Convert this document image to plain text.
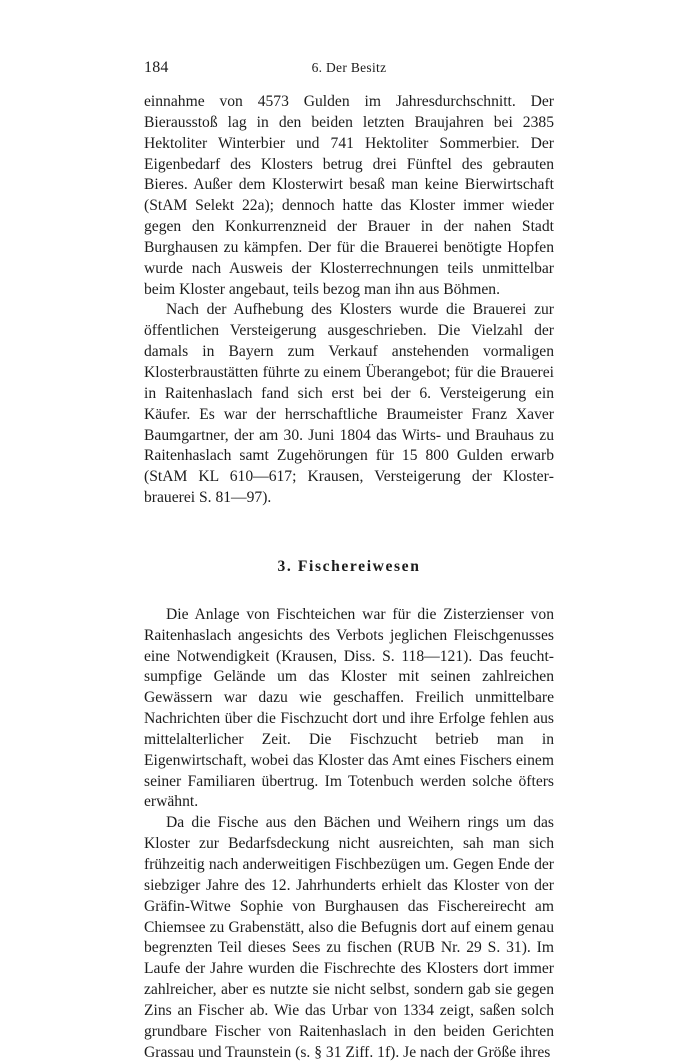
184	6. Der Besitz

einnahme von 4573 Gulden im Jahresdurchschnitt. Der Bierausstoß lag in den beiden letzten Braujahren bei 2385 Hektoliter Winterbier und 741 Hektoliter Sommerbier. Der Eigenbedarf des Klosters betrug drei Fünftel des gebrauten Bieres. Außer dem Klosterwirt besaß man keine Bierwirtschaft (StAM Selekt 22a); dennoch hatte das Kloster immer wieder gegen den Konkurrenzneid der Brauer in der nahen Stadt Burghausen zu kämpfen. Der für die Brauerei benötigte Hopfen wurde nach Ausweis der Klosterrechnungen teils unmittelbar beim Kloster angebaut, teils bezog man ihn aus Böhmen.

Nach der Aufhebung des Klosters wurde die Brauerei zur öffentlichen Versteigerung ausgeschrieben. Die Vielzahl der damals in Bayern zum Verkauf anstehenden vormaligen Klosterbraustätten führte zu einem Überangebot; für die Brauerei in Raitenhaslach fand sich erst bei der 6. Versteigerung ein Käufer. Es war der herrschaftliche Braumeister Franz Xaver Baumgartner, der am 30. Juni 1804 das Wirts- und Brauhaus zu Raitenhaslach samt Zugehörungen für 15 800 Gulden erwarb (StAM KL 610—617; Krausen, Versteigerung der Klosterbrauerei S. 81—97).

3. Fischereiwesen

Die Anlage von Fischteichen war für die Zisterzienser von Raitenhaslach angesichts des Verbots jeglichen Fleischgenusses eine Notwendigkeit (Krausen, Diss. S. 118—121). Das feucht-sumpfige Gelände um das Kloster mit seinen zahlreichen Gewässern war dazu wie geschaffen. Freilich unmittelbare Nachrichten über die Fischzucht dort und ihre Erfolge fehlen aus mittelalterlicher Zeit. Die Fischzucht betrieb man in Eigenwirtschaft, wobei das Kloster das Amt eines Fischers einem seiner Familiaren übertrug. Im Totenbuch werden solche öfters erwähnt.

Da die Fische aus den Bächen und Weihern rings um das Kloster zur Bedarfsdeckung nicht ausreichten, sah man sich frühzeitig nach anderweitigen Fischbezügen um. Gegen Ende der siebziger Jahre des 12. Jahrhunderts erhielt das Kloster von der Gräfin-Witwe Sophie von Burghausen das Fischereirecht am Chiemsee zu Grabenstätt, also die Befugnis dort auf einem genau begrenzten Teil dieses Sees zu fischen (RUB Nr. 29 S. 31). Im Laufe der Jahre wurden die Fischrechte des Klosters dort immer zahlreicher, aber es nutzte sie nicht selbst, sondern gab sie gegen Zins an Fischer ab. Wie das Urbar von 1334 zeigt, saßen solch grundbare Fischer von Raitenhaslach in den beiden Gerichten Grassau und Traunstein (s. § 31 Ziff. 1f). Je nach der Größe ihres
